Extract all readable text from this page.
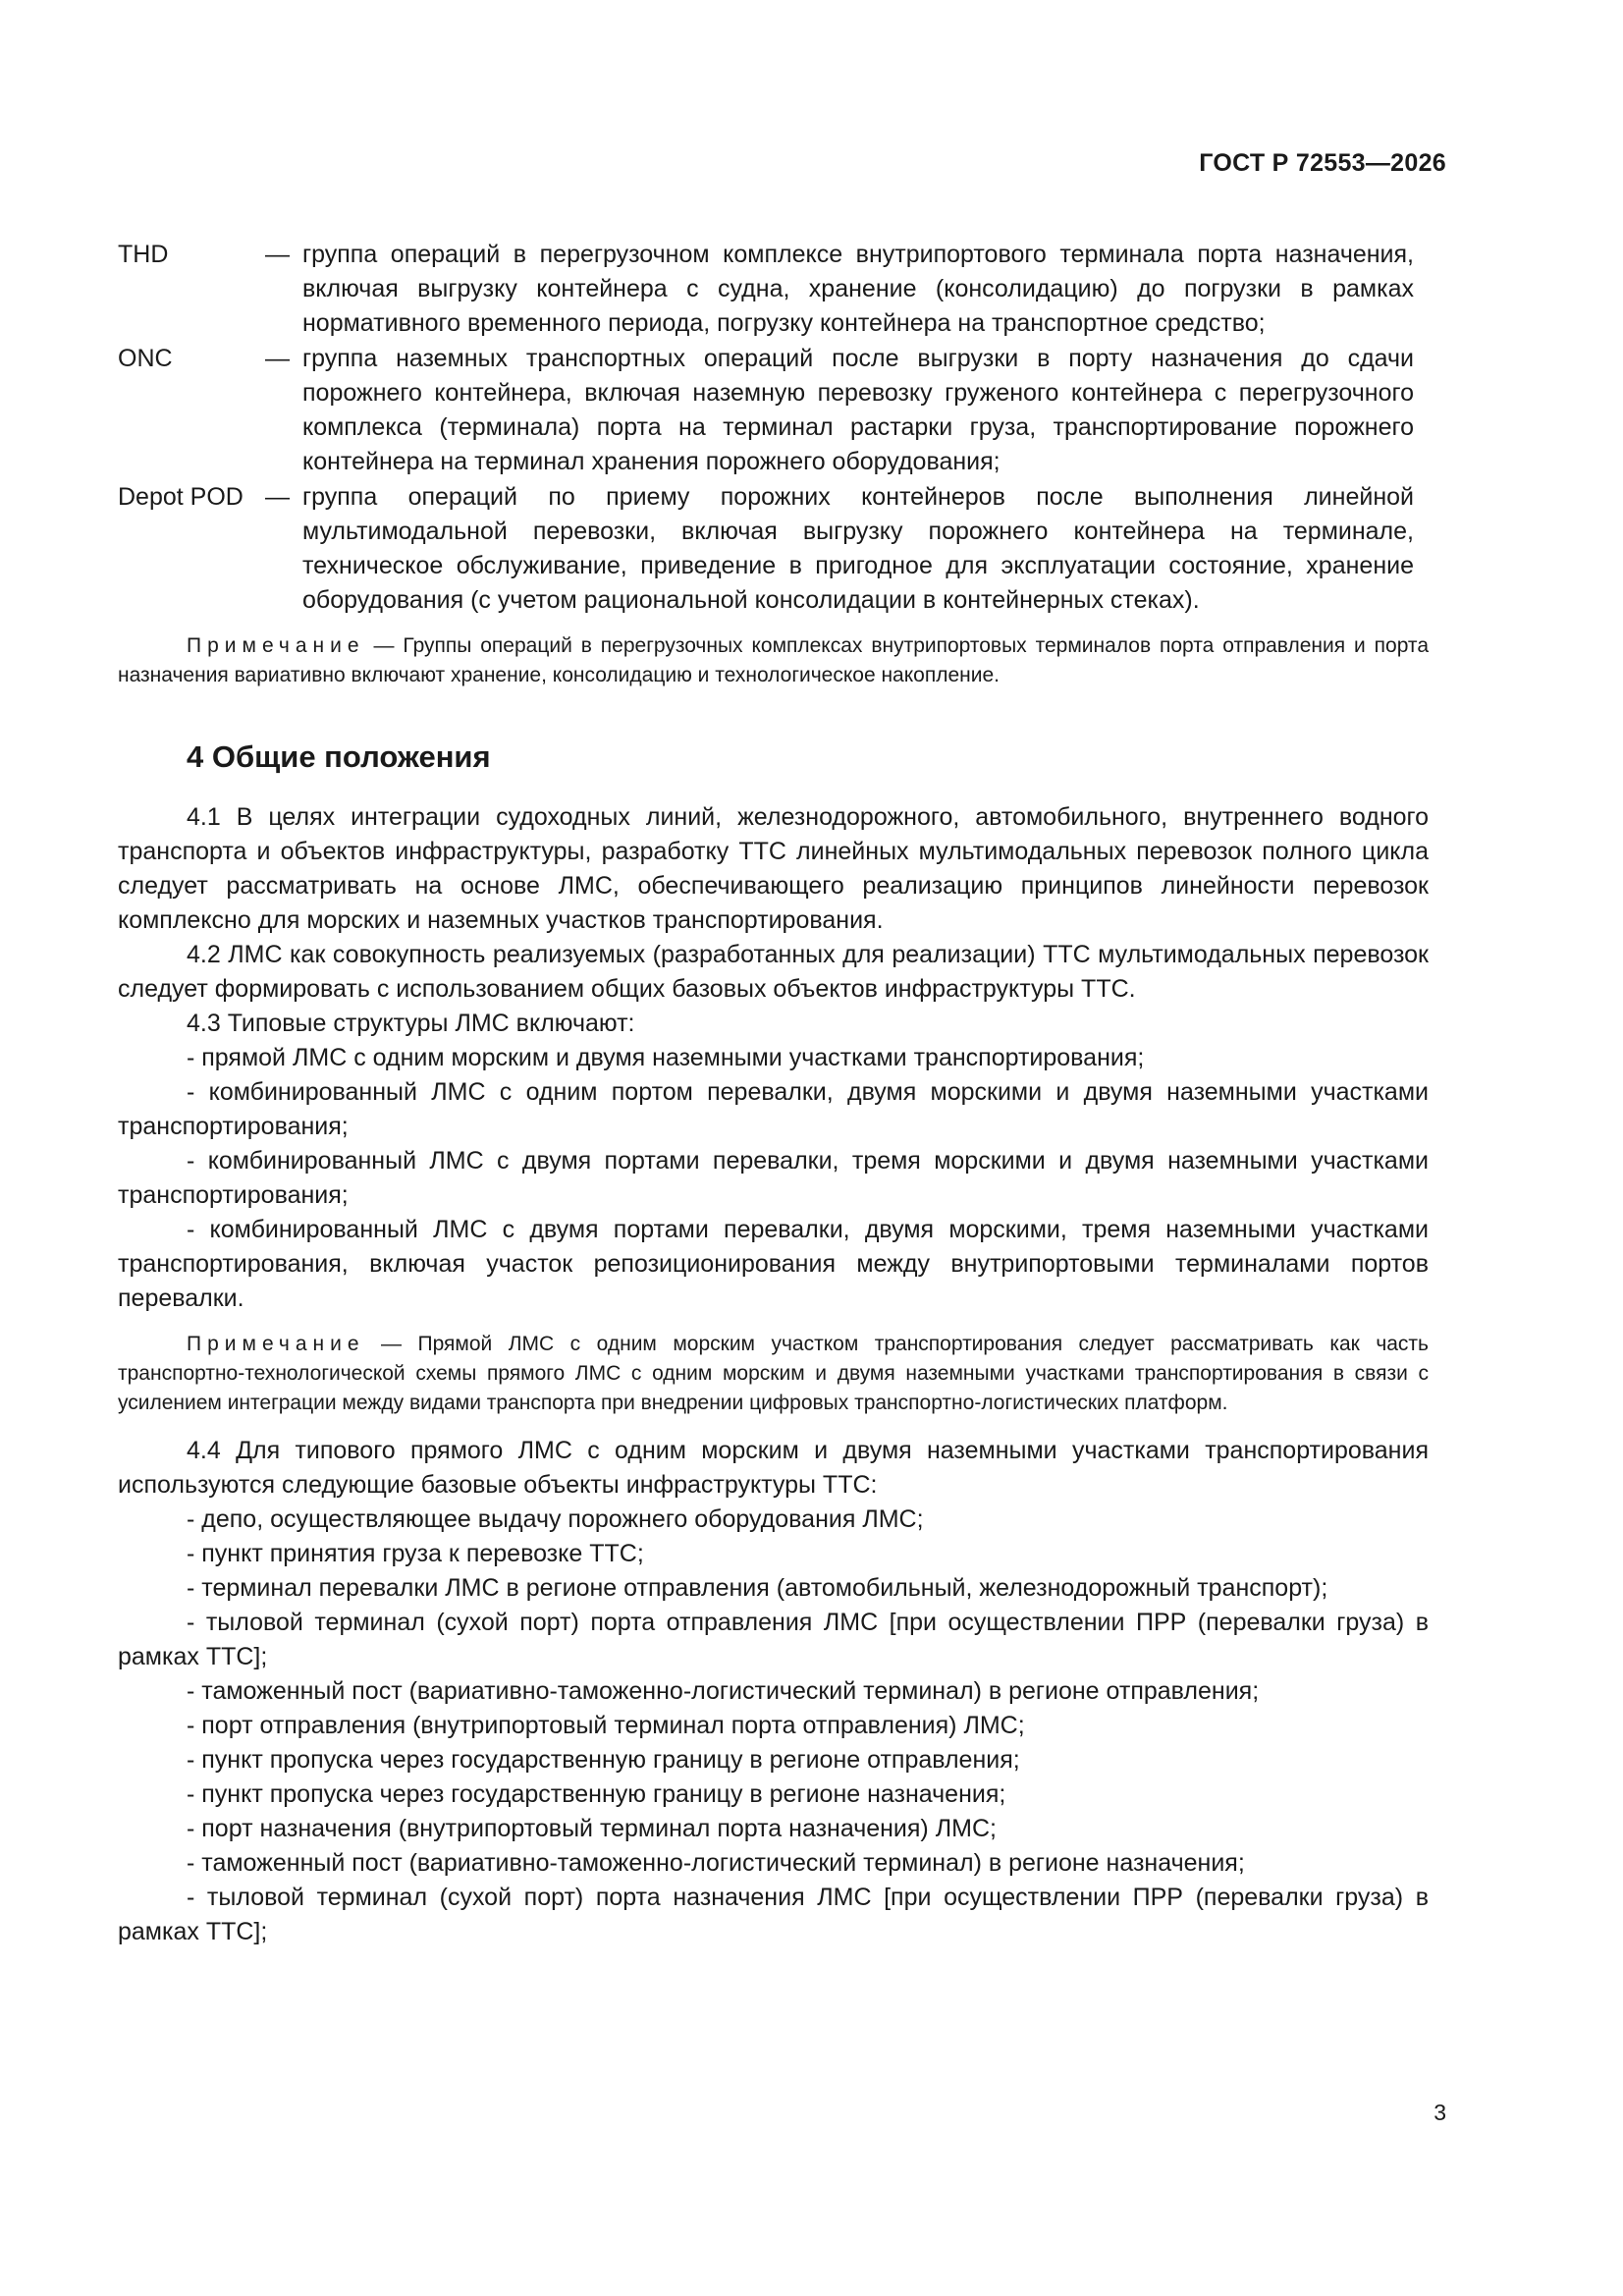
ГОСТ Р 72553—2026
THD	— группа операций в перегрузочном комплексе внутрипортового терминала порта назначения, включая выгрузку контейнера с судна, хранение (консолидацию) до погрузки в рамках нормативного временного периода, погрузку контейнера на транспортное средство;
ONC	— группа наземных транспортных операций после выгрузки в порту назначения до сдачи порожнего контейнера, включая наземную перевозку груженого контейнера с перегрузочного комплекса (терминала) порта на терминал растарки груза, транспортирование порожнего контейнера на терминал хранения порожнего оборудования;
Depot POD — группа операций по приему порожних контейнеров после выполнения линейной мультимодальной перевозки, включая выгрузку порожнего контейнера на терминале, техническое обслуживание, приведение в пригодное для эксплуатации состояние, хранение оборудования (с учетом рациональной консолидации в контейнерных стеках).
Примечание — Группы операций в перегрузочных комплексах внутрипортовых терминалов порта отправления и порта назначения вариативно включают хранение, консолидацию и технологическое накопление.
4 Общие положения
4.1 В целях интеграции судоходных линий, железнодорожного, автомобильного, внутреннего водного транспорта и объектов инфраструктуры, разработку ТТС линейных мультимодальных перевозок полного цикла следует рассматривать на основе ЛМС, обеспечивающего реализацию принципов линейности перевозок комплексно для морских и наземных участков транспортирования.
4.2 ЛМС как совокупность реализуемых (разработанных для реализации) ТТС мультимодальных перевозок следует формировать с использованием общих базовых объектов инфраструктуры ТТС.
4.3 Типовые структуры ЛМС включают:
- прямой ЛМС с одним морским и двумя наземными участками транспортирования;
- комбинированный ЛМС с одним портом перевалки, двумя морскими и двумя наземными участками транспортирования;
- комбинированный ЛМС с двумя портами перевалки, тремя морскими и двумя наземными участками транспортирования;
- комбинированный ЛМС с двумя портами перевалки, двумя морскими, тремя наземными участками транспортирования, включая участок репозиционирования между внутрипортовыми терминалами портов перевалки.
Примечание — Прямой ЛМС с одним морским участком транспортирования следует рассматривать как часть транспортно-технологической схемы прямого ЛМС с одним морским и двумя наземными участками транспортирования в связи с усилением интеграции между видами транспорта при внедрении цифровых транспортно-логистических платформ.
4.4 Для типового прямого ЛМС с одним морским и двумя наземными участками транспортирования используются следующие базовые объекты инфраструктуры ТТС:
- депо, осуществляющее выдачу порожнего оборудования ЛМС;
- пункт принятия груза к перевозке ТТС;
- терминал перевалки ЛМС в регионе отправления (автомобильный, железнодорожный транспорт);
- тыловой терминал (сухой порт) порта отправления ЛМС [при осуществлении ПРР (перевалки груза) в рамках ТТС];
- таможенный пост (вариативно-таможенно-логистический терминал) в регионе отправления;
- порт отправления (внутрипортовый терминал порта отправления) ЛМС;
- пункт пропуска через государственную границу в регионе отправления;
- пункт пропуска через государственную границу в регионе назначения;
- порт назначения (внутрипортовый терминал порта назначения) ЛМС;
- таможенный пост (вариативно-таможенно-логистический терминал) в регионе назначения;
- тыловой терминал (сухой порт) порта назначения ЛМС [при осуществлении ПРР (перевалки груза) в рамках ТТС];
3
